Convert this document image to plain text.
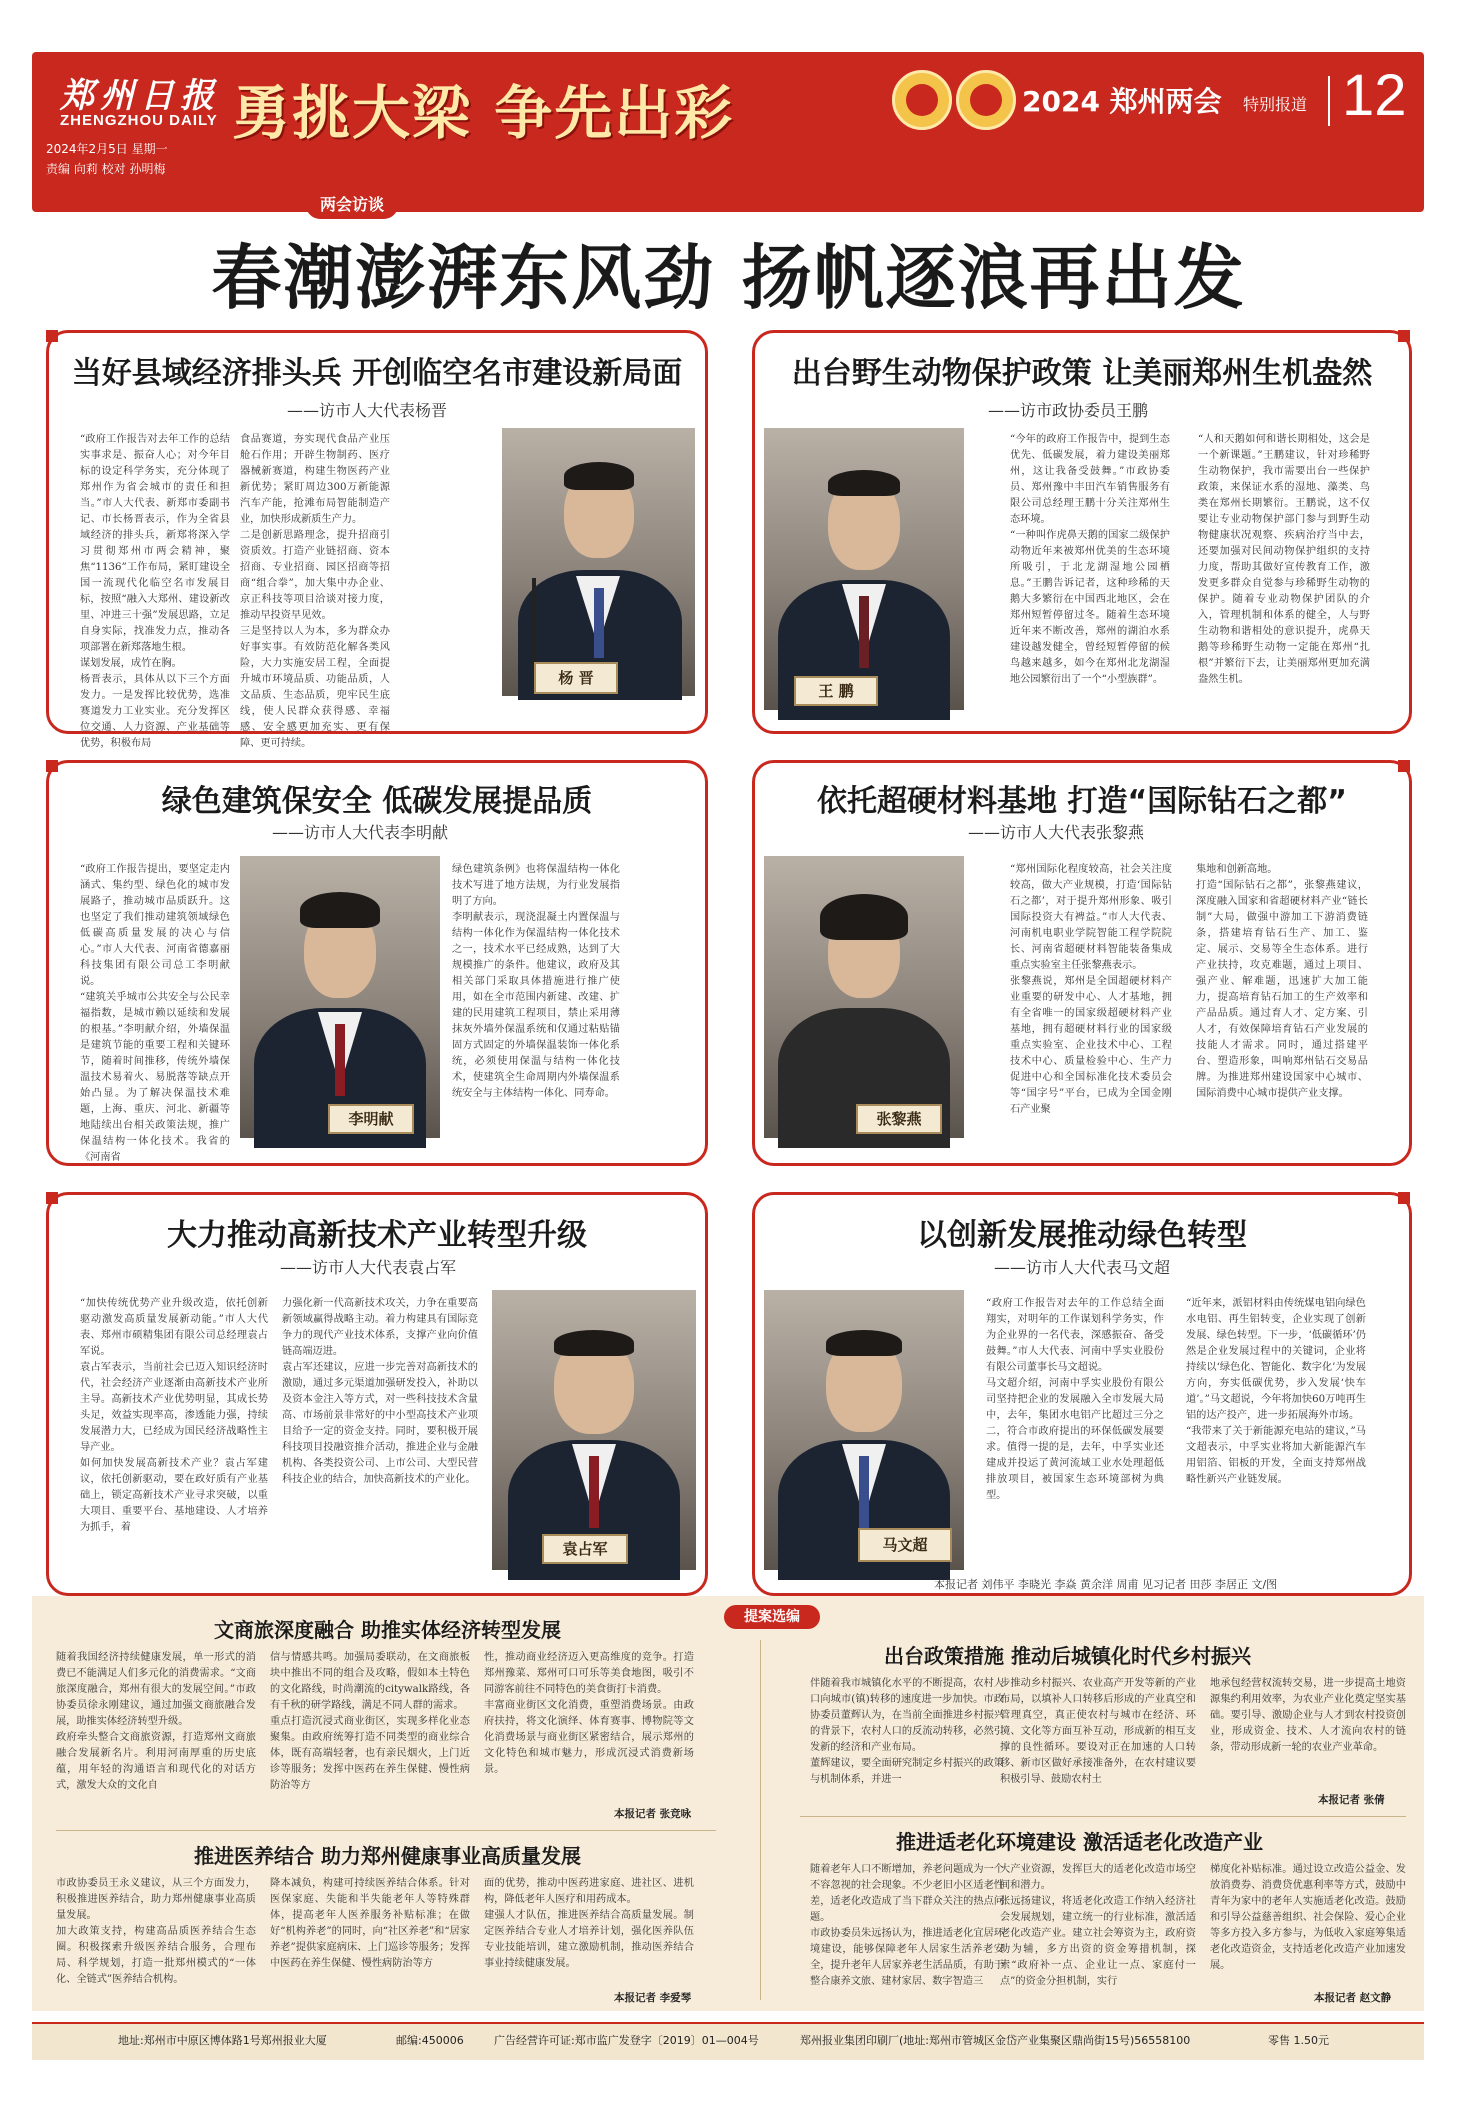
郑州日报
ZHENGZHOU DAILY
2024年2月5日 星期一
责编 向莉 校对 孙明梅
勇挑大梁 争先出彩	2024 郑州两会 特别报道 12
两会访谈
春潮澎湃东风劲 扬帆逐浪再出发
当好县域经济排头兵 开创临空名市建设新局面
——访市人大代表杨晋
“政府工作报告对去年工作的总结实事求是、振奋人心；对今年目标的设定科学务实，充分体现了郑州作为省会城市的责任和担当。”市人大代表、新郑市委副书记、市长杨晋表示，作为全省县域经济的排头兵，新郑将深入学习贯彻郑州市两会精神，聚焦“1136”工作布局，紧盯建设全国一流现代化临空名市发展目标，按照“融入大郑州、建设新改里、冲进三十强”发展思路，立足自身实际，找准发力点，推动各项部署在新郑落地生根。
谋划发展，成竹在胸。
杨晋表示，具体从以下三个方面发力。一是发挥比较优势，选准赛道发力工业实业。充分发挥区位交通、人力资源、产业基础等优势，积极布局
食品赛道，夯实现代食品产业压舱石作用；开辟生物制药、医疗器械新赛道，构建生物医药产业新优势；紧盯周边300万新能源汽车产能，抢滩布局智能制造产业，加快形成新质生产力。
二是创新思路理念，提升招商引资质效。打造产业链招商、资本招商、专业招商、园区招商等招商“组合拳”，加大集中办企业、京正科技等项目洽谈对接力度，推动早投资早见效。
三是坚持以人为本，多为群众办好事实事。有效防范化解各类风险，大力实施安居工程，全面提升城市环境品质、功能品质，人文品质、生态品质，兜牢民生底线，使人民群众获得感、幸福感、安全感更加充实、更有保障、更可持续。
杨 晋
出台野生动物保护政策 让美丽郑州生机盎然
——访市政协委员王鹏
王 鹏
“今年的政府工作报告中，提到生态优先、低碳发展，着力建设美丽郑州，这让我备受鼓舞。”市政协委员、郑州豫中丰田汽车销售服务有限公司总经理王鹏十分关注郑州生态环境。
“一种叫作虎鼻天鹅的国家二级保护动物近年来被郑州优美的生态环境所吸引，于北龙湖湿地公园栖息。”王鹏告诉记者，这种珍稀的天鹅大多繁衍在中国西北地区，会在郑州短暂停留过冬。随着生态环境近年来不断改善，郑州的湖泊水系建设越发健全，曾经短暂停留的候鸟越来越多，如今在郑州北龙湖湿地公园繁衍出了一个“小型族群”。
“人和天鹅如何和谐长期相处，这会是一个新课题。”王鹏建议，针对珍稀野生动物保护，我市需要出台一些保护政策，来保证水系的湿地、藻类、鸟类在郑州长期繁衍。王鹏说，这不仅要让专业动物保护部门参与到野生动物健康状况观察、疾病治疗当中去，还要加强对民间动物保护组织的支持力度，帮助其做好宣传教育工作，激发更多群众自觉参与珍稀野生动物的保护。随着专业动物保护团队的介入，管理机制和体系的健全，人与野生动物和谐相处的意识提升，虎鼻天鹅等珍稀野生动物一定能在郑州“扎根”并繁衍下去，让美丽郑州更加充满盎然生机。
绿色建筑保安全 低碳发展提品质
——访市人大代表李明献
“政府工作报告提出，要坚定走内涵式、集约型、绿色化的城市发展路子，推动城市品质跃升。这也坚定了我们推动建筑领域绿色低碳高质量发展的决心与信心。”市人大代表、河南省德嘉丽科技集团有限公司总工李明献说。
“建筑关乎城市公共安全与公民幸福指数，是城市赖以延续和发展的根基。”李明献介绍，外墙保温是建筑节能的重要工程和关键环节，随着时间推移，传统外墙保温技术易着火、易脱落等缺点开始凸显。为了解决保温技术难题，上海、重庆、河北、新疆等地陆续出台相关政策法规，推广保温结构一体化技术。我省的《河南省
李明献
绿色建筑条例》也将保温结构一体化技术写进了地方法规，为行业发展指明了方向。
李明献表示，现浇混凝土内置保温与结构一体化作为保温结构一体化技术之一，技术水平已经成熟，达到了大规模推广的条件。他建议，政府及其相关部门采取具体措施进行推广使用，如在全市范围内新建、改建、扩建的民用建筑工程项目，禁止采用薄抹灰外墙外保温系统和仅通过粘贴锚固方式固定的外墙保温装饰一体化系统，必须使用保温与结构一体化技术，使建筑全生命周期内外墙保温系统安全与主体结构一体化、同寿命。
依托超硬材料基地 打造“国际钻石之都”
——访市人大代表张黎燕
张黎燕
“郑州国际化程度较高，社会关注度较高，做大产业规模，打造‘国际钻石之都’，对于提升郑州形象、吸引国际投资大有裨益。”市人大代表、河南机电职业学院智能工程学院院长、河南省超硬材料智能装备集成重点实验室主任张黎燕表示。
张黎燕说，郑州是全国超硬材料产业重要的研发中心、人才基地，拥有全省唯一的国家级超硬材料产业基地，拥有超硬材料行业的国家级重点实验室、企业技术中心、工程技术中心、质量检验中心、生产力促进中心和全国标准化技术委员会等“国字号”平台，已成为全国金刚石产业聚
集地和创新高地。
打造“国际钻石之都”，张黎燕建议，深度融入国家和省超硬材料产业“链长制”大局，做强中游加工下游消费链条，搭建培育钻石生产、加工、鉴定、展示、交易等全生态体系。进行产业扶持，攻克难题，通过上项目、强产业、解难题，迅速扩大加工能力，提高培育钻石加工的生产效率和产品品质。通过育人才、定方案、引人才，有效保障培育钻石产业发展的技能人才需求。同时，通过搭建平台、塑造形象，叫响郑州钻石交易品牌。为推进郑州建设国家中心城市、国际消费中心城市提供产业支撑。
大力推动高新技术产业转型升级
——访市人大代表袁占军
“加快传统优势产业升级改造，依托创新驱动激发高质量发展新动能。”市人大代表、郑州市硕精集团有限公司总经理袁占军说。
袁占军表示，当前社会已迈入知识经济时代，社会经济产业逐渐由高新技术产业所主导。高新技术产业优势明显，其成长势头足，效益实现率高，渗透能力强，持续发展潜力大，已经成为国民经济战略性主导产业。
如何加快发展高新技术产业？袁占军建议，依托创新驱动，要在政好质有产业基础上，锁定高新技术产业寻求突破，以重大项目、重要平台、基地建设、人才培养为抓手，着
力强化新一代高新技术攻关，力争在重要高新领域赢得战略主动。着力构建具有国际竞争力的现代产业技术体系，支撑产业向价值链高端迈进。
袁占军还建议，应进一步完善对高新技术的激励，通过多元渠道加强研发投入，补助以及资本金注入等方式，对一些科技技术含量高、市场前景非常好的中小型高技术产业项目给予一定的资金支持。同时，要积极开展科技项目投融资推介活动，推进企业与金融机构、各类投资公司、上市公司、大型民营科技企业的结合，加快高新技术的产业化。
袁占军
以创新发展推动绿色转型
——访市人大代表马文超
马文超
“政府工作报告对去年的工作总结全面翔实，对明年的工作谋划科学务实，作为企业界的一名代表，深感振奋、备受鼓舞。”市人大代表、河南中孚实业股份有限公司董事长马文超说。
马文超介绍，河南中孚实业股份有限公司坚持把企业的发展融入全市发展大局中，去年，集团水电铝产比超过三分之二，符合市政府提出的环保低碳发展要求。值得一提的是，去年，中孚实业还建成并投运了黄河流域工业水处理超低排放项目，被国家生态环境部树为典型。
“近年来，派铝材料由传统煤电铝向绿色水电铝、再生铝转变，企业实现了创新发展、绿色转型。下一步，‘低碳循环’仍然是企业发展过程中的关键词，企业将持续以‘绿色化、智能化、数字化’为发展方向，夯实低碳优势，步入发展‘快车道’。”马文超说，今年将加快60万吨再生铝的达产投产，进一步拓展海外市场。
“我带来了关于新能源充电站的建议，”马文超表示，中孚实业将加大新能源汽车用铝箔、铝板的开发，全面支持郑州战略性新兴产业链发展。
本报记者 刘伟平 李晓光 李焱 黄余洋 周甫 见习记者 田莎 李居正 文/图
提案选编
文商旅深度融合 助推实体经济转型发展
随着我国经济持续健康发展，单一形式的消费已不能满足人们多元化的消费需求。“文商旅深度融合，郑州有很大的发展空间。”市政协委员徐永刚建议，通过加强文商旅融合发展，助推实体经济转型升级。
政府牵头整合文商旅资源，打造郑州文商旅融合发展新名片。利用河南厚重的历史底蕴，用年轻的沟通语言和现代化的对话方式，激发大众的文化自
信与情感共鸣。加强局委联动，在文商旅板块中推出不同的组合及攻略，假如本土特色的文化路线，时尚潮流的citywalk路线，各有千秋的研学路线，满足不同人群的需求。
重点打造沉浸式商业街区，实现多样化业态聚集。由政府统筹打造不同类型的商业综合体，既有高端轻奢，也有亲民烟火，上门近诊等服务；发挥中医药在养生保健、慢性病防治等方
性，推动商业经济迈入更高维度的竞争。打造郑州豫菜、郑州可口可乐等美食地图，吸引不同游客前往不同特色的美食街打卡消费。
丰富商业街区文化消费，重塑消费场景。由政府扶持，将文化演绎、体育赛事、博物院等文化消费场景与商业街区紧密结合，展示郑州的文化特色和城市魅力，形成沉浸式消费新场景。
本报记者 张竞咏
推进医养结合 助力郑州健康事业高质量发展
市政协委员王永义建议，从三个方面发力，积极推进医养结合，助力郑州健康事业高质量发展。
加大政策支持，构建高品质医养结合生态圈。积极探索升级医养结合服务，合理布局、科学规划，打造一批郑州模式的“一体化、全链式”医养结合机构。
降本减负，构建可持续医养结合体系。针对医保家庭、失能和半失能老年人等特殊群体，提高老年人医养服务补贴标准；在做好“机构养老”的同时，向“社区养老”和“居家养老”提供家庭病床、上门巡诊等服务；发挥中医药在养生保健、慢性病防治等方
面的优势，推动中医药进家庭、进社区、进机构，降低老年人医疗和用药成本。
建强人才队伍，推进医养结合高质量发展。制定医养结合专业人才培养计划，强化医养队伍专业技能培训，建立激励机制，推动医养结合事业持续健康发展。
本报记者 李爱琴
出台政策措施 推动后城镇化时代乡村振兴
伴随着我市城镇化水平的不断提高，农村人口向城市(镇)转移的速度进一步加快。市政协委员董辉认为，在当前全面推进乡村振兴的背景下，农村人口的反流动转移，必然引发新的经济和产业布局。
董辉建议，要全面研究制定乡村振兴的政策与机制体系，并进一
步推动乡村振兴、农业高产开发等新的产业布局，以填补人口转移后形成的产业真空和管理真空，真正使农村与城市在经济、环境、文化等方面互补互动，形成新的相互支撑的良性循环。要设对正在加速的人口转移、新市区做好承接准备外，在农村建议要积极引导、鼓励农村土
地承包经营权流转交易，进一步提高土地资源集约利用效率，为农业产业化奠定坚实基础。要引导、激励企业与人才到农村投资创业，形成资金、技术、人才流向农村的链条，带动形成新一轮的农业产业革命。
本报记者 张倩
推进适老化环境建设 激活适老化改造产业
随着老年人口不断增加，养老问题成为一个不容忽视的社会现象。不少老旧小区适老性差，适老化改造成了当下群众关注的热点问题。
市政协委员朱远扬认为，推进适老化宜居环境建设，能够保障老年人居家生活养老安全，提升老年人居家养老生活品质，有助于整合康养文旅、建材家居、数字智造三
大产业资源，发挥巨大的适老化改造市场空间和潜力。
张远扬建议，将适老化改造工作纳入经济社会发展规划，建立统一的行业标准，激活适老化改造产业。建立社会筹资为主，政府资助为辅，多方出资的资金筹措机制，探索“政府补一点、企业让一点、家庭付一点”的资金分担机制，实行
梯度化补贴标准。通过设立改造公益金、发放消费券、消费贷优惠利率等方式，鼓励中青年为家中的老年人实施适老化改造。鼓励和引导公益慈善组织、社会保险、爱心企业等多方投入多方参与，为低收入家庭筹集适老化改造资金，支持适老化改造产业加速发展。
本报记者 赵文静
地址:郑州市中原区博体路1号郑州报业大厦	邮编:450006	广告经营许可证:郑市监广发登字〔2019〕01—004号	郑州报业集团印刷厂(地址:郑州市管城区金岱产业集聚区鼎尚街15号)56558100	零售 1.50元
